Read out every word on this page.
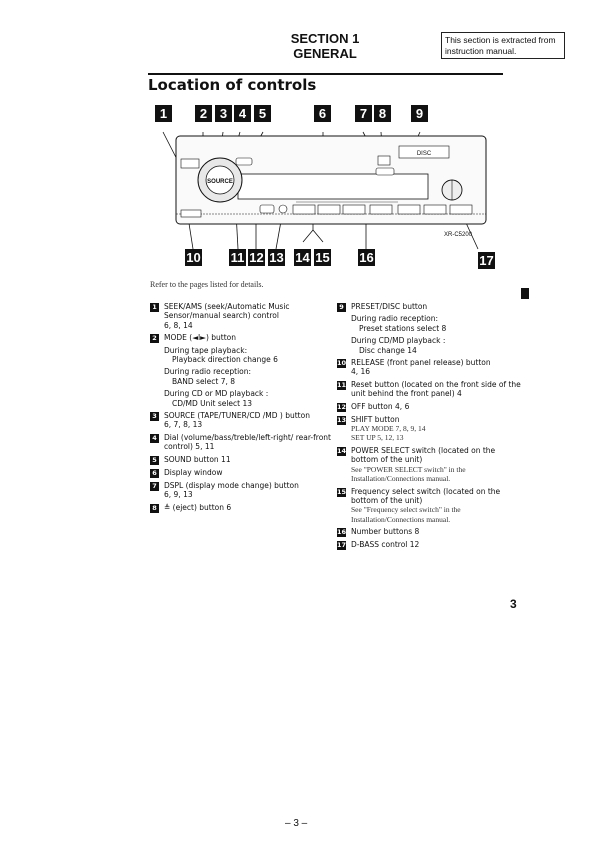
SECTION 1
GENERAL
This section is extracted from instruction manual.
Location of controls
SOURCE
DISC
1	2 3 4 5	6	7 8	9
10 11 12 13 14 15 16	17
XR-C5200
Refer to the pages listed for details.
1 SEEK/AMS (seek/Automatic Music Sensor/manual search) control
6, 8, 14
2 MODE (◄I►) button
During tape playback:
Playback direction change 6
During radio reception:
BAND select 7, 8
During CD or MD playback :
CD/MD Unit select 13
3 SOURCE (TAPE/TUNER/CD /MD ) button
6, 7, 8, 13
4 Dial (volume/bass/treble/left-right/ rear-front control) 5, 11
5 SOUND button 11
6 Display window
7 DSPL (display mode change) button
6, 9, 13
8 ≜ (eject) button 6
9 PRESET/DISC button
During radio reception:
Preset stations select 8
During CD/MD playback :
Disc change 14
10 RELEASE (front panel release) button
4, 16
11 Reset button (located on the front side of the unit behind the front panel) 4
12 OFF button 4, 6
13 SHIFT button
PLAY MODE 7, 8, 9, 14
SET UP 5, 12, 13
14 POWER SELECT switch (located on the bottom of the unit)
See "POWER SELECT switch" in the Installation/Connections manual.
15 Frequency select switch (located on the bottom of the unit)
See "Frequency select switch" in the Installation/Connections manual.
16 Number buttons 8
17 D-BASS control 12
3
– 3 –
